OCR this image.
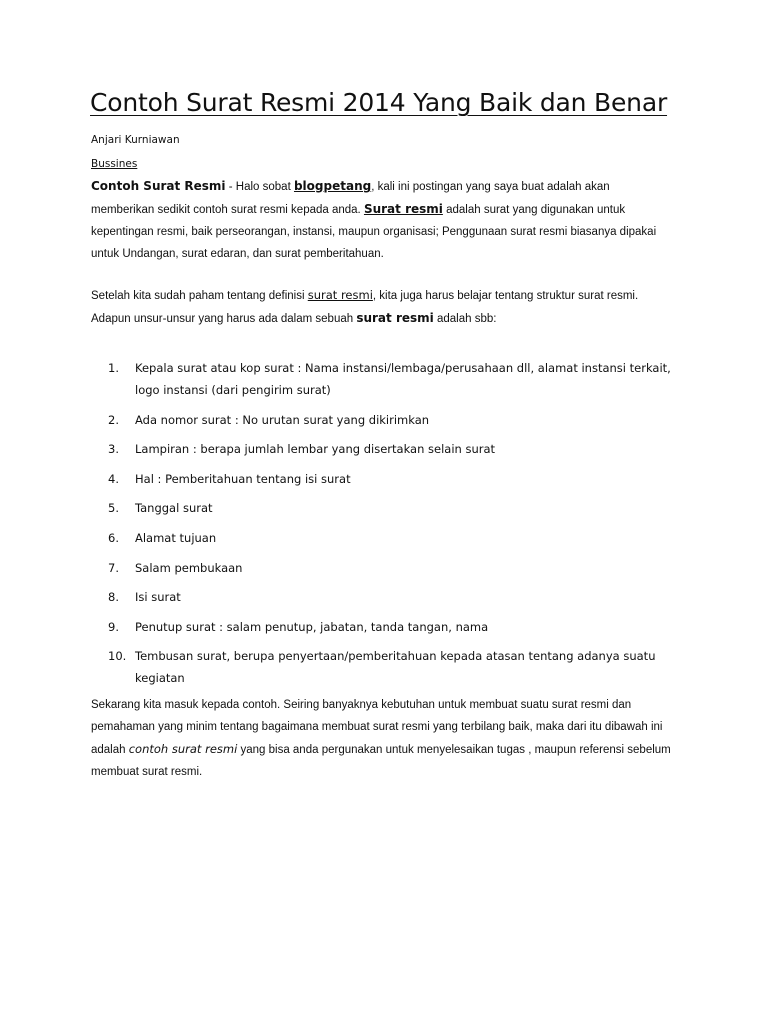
Contoh Surat Resmi 2014 Yang Baik dan Benar
Anjari Kurniawan
Bussines

Contoh Surat Resmi - Halo sobat blogpetang, kali ini postingan yang saya buat adalah akan memberikan sedikit contoh surat resmi kepada anda. Surat resmi adalah surat yang digunakan untuk kepentingan resmi, baik perseorangan, instansi, maupun organisasi; Penggunaan surat resmi biasanya dipakai untuk Undangan, surat edaran, dan surat pemberitahuan.

Setelah kita sudah paham tentang definisi surat resmi, kita juga harus belajar tentang struktur surat resmi. Adapun unsur-unsur yang harus ada dalam sebuah surat resmi adalah sbb:

1. Kepala surat atau kop surat : Nama instansi/lembaga/perusahaan dll, alamat instansi terkait, logo instansi (dari pengirim surat)
2. Ada nomor surat : No urutan surat yang dikirimkan
3. Lampiran : berapa jumlah lembar yang disertakan selain surat
4. Hal : Pemberitahuan tentang isi surat
5. Tanggal surat
6. Alamat tujuan
7. Salam pembukaan
8. Isi surat
9. Penutup surat : salam penutup, jabatan, tanda tangan, nama
10. Tembusan surat, berupa penyertaan/pemberitahuan kepada atasan tentang adanya suatu kegiatan

Sekarang kita masuk kepada contoh. Seiring banyaknya kebutuhan untuk membuat suatu surat resmi dan pemahaman yang minim tentang bagaimana membuat surat resmi yang terbilang baik, maka dari itu dibawah ini adalah contoh surat resmi yang bisa anda pergunakan untuk menyelesaikan tugas , maupun referensi sebelum membuat surat resmi.
